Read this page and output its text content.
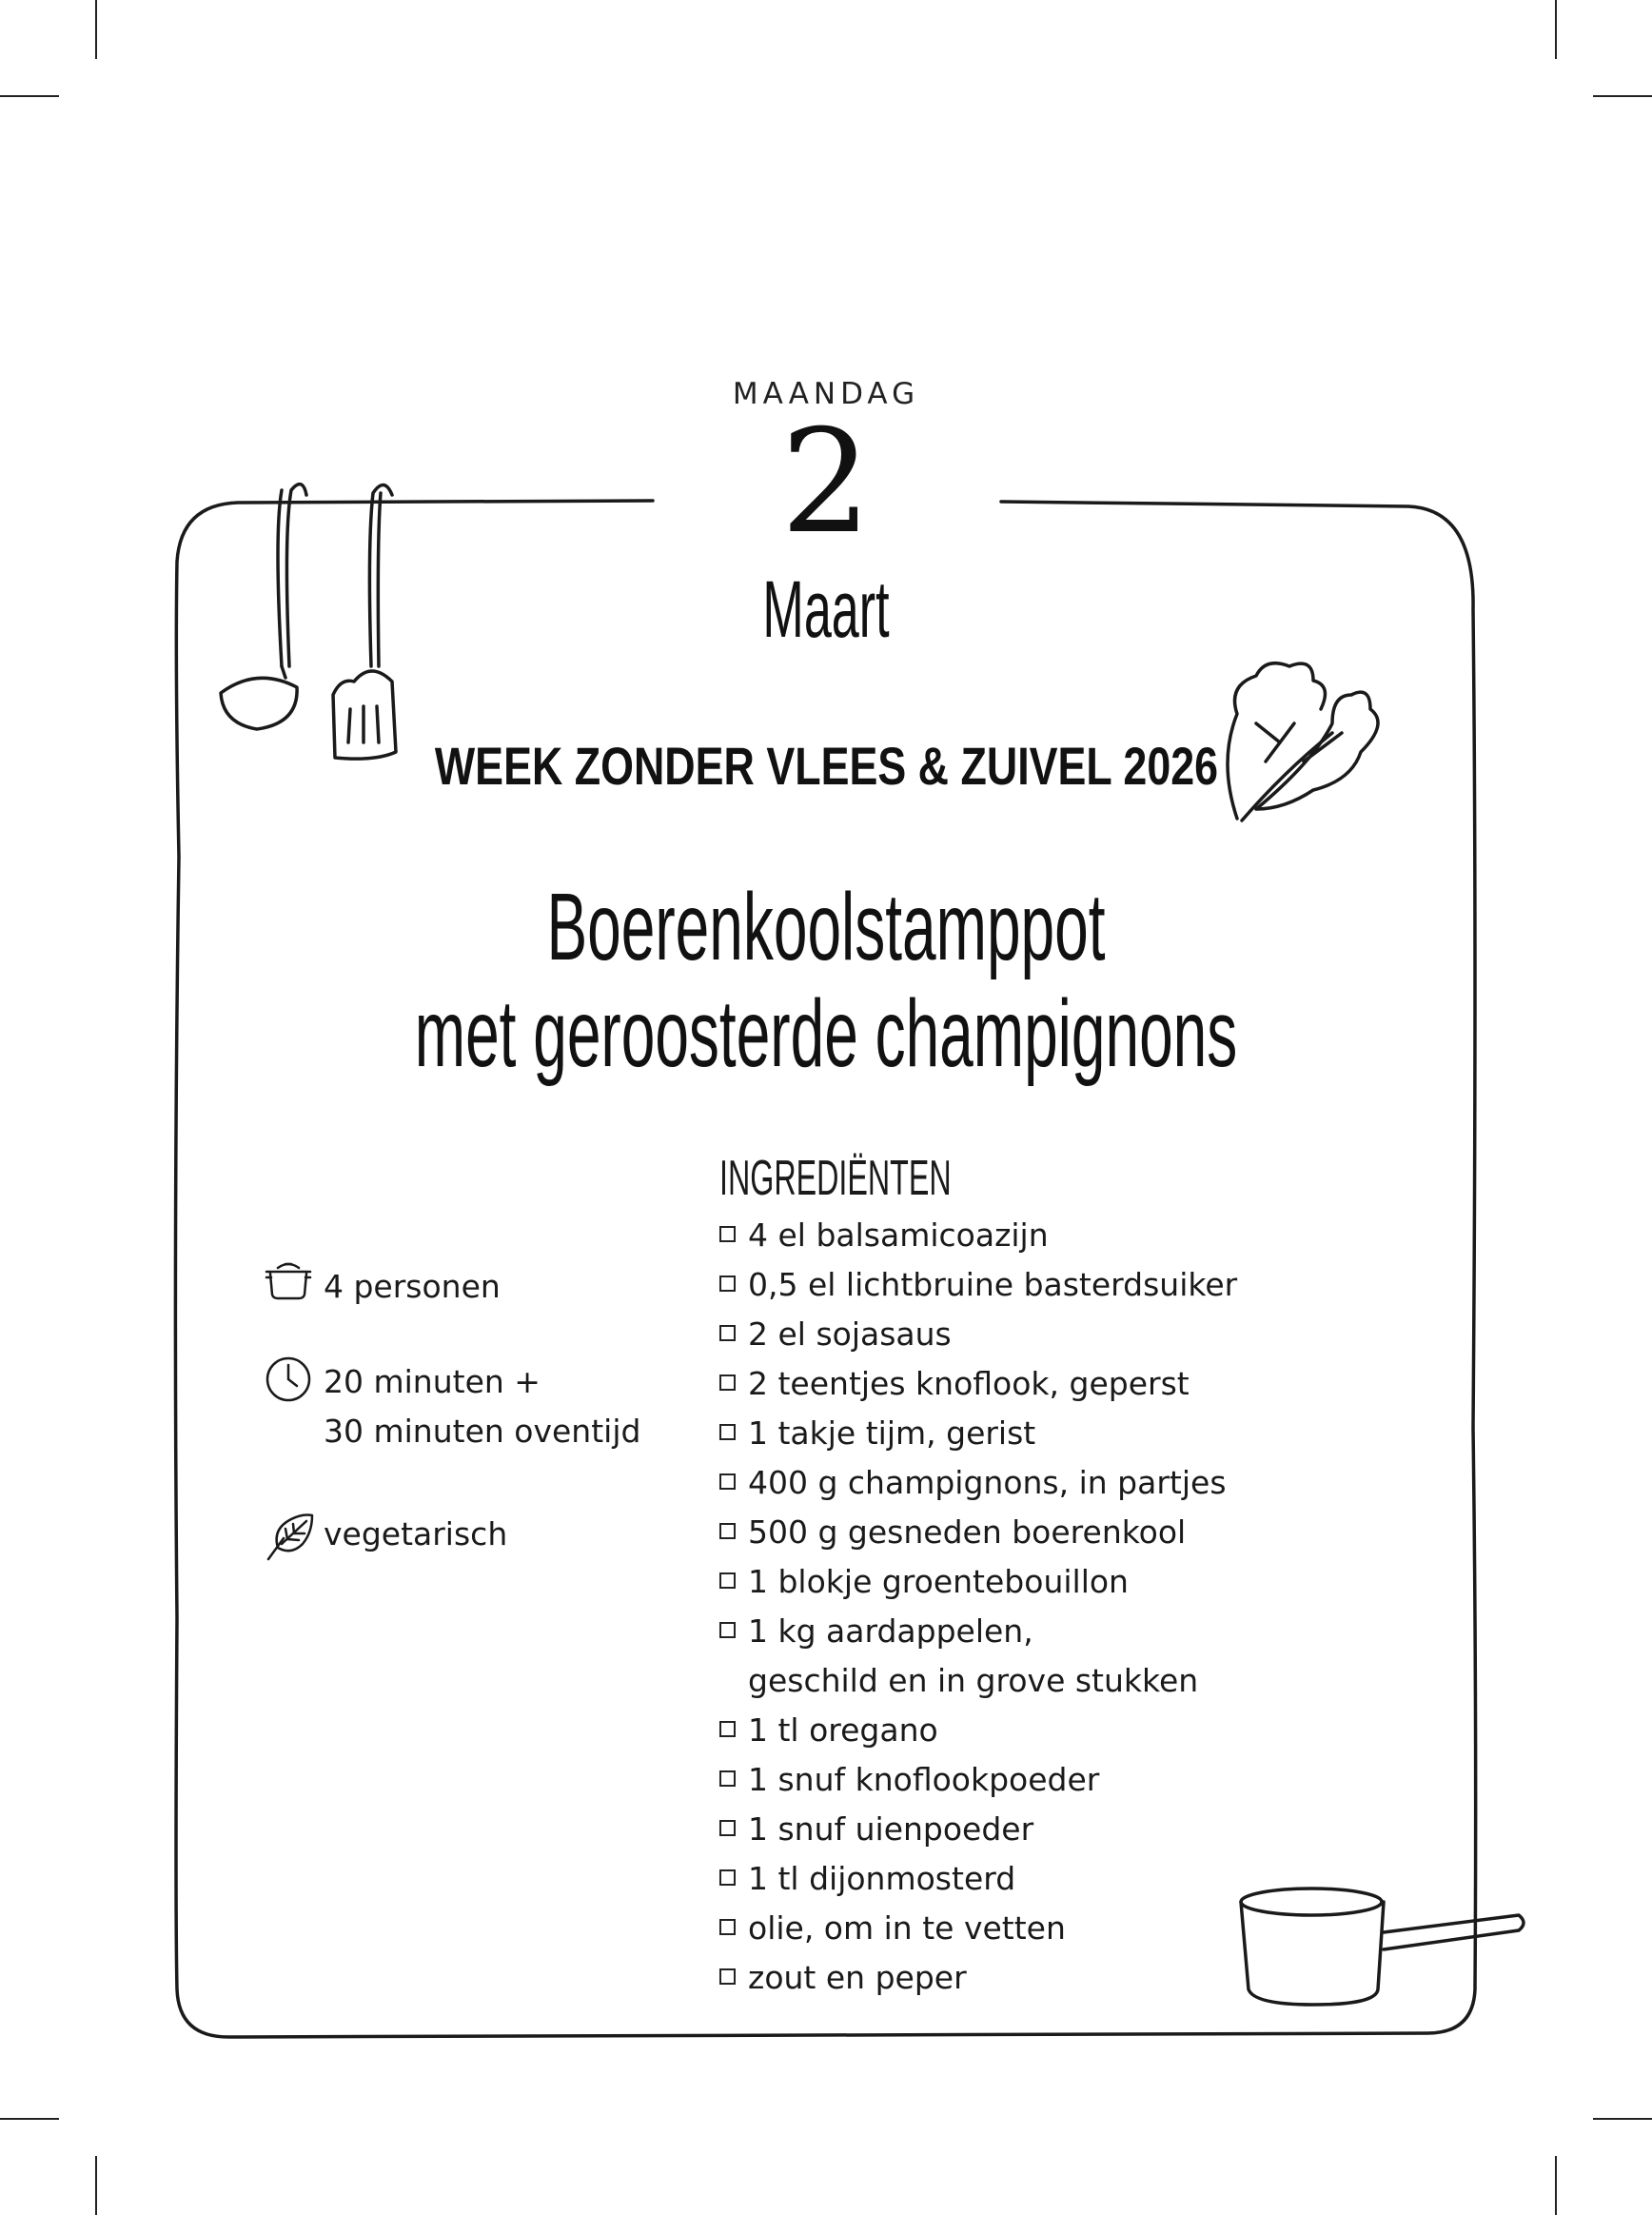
MAANDAG
2
Maart
WEEK ZONDER VLEES & ZUIVEL 2026
Boerenkoolstamppot
met geroosterde champignons
4 personen
20 minuten +
30 minuten oventijd
vegetarisch
INGREDIËNTEN
4 el balsamicoazijn
0,5 el lichtbruine basterdsuiker
2 el sojasaus
2 teentjes knoflook, geperst
1 takje tijm, gerist
400 g champignons, in partjes
500 g gesneden boerenkool
1 blokje groentebouillon
1 kg aardappelen,
geschild en in grove stukken
1 tl oregano
1 snuf knoflookpoeder
1 snuf uienpoeder
1 tl dijonmosterd
olie, om in te vetten
zout en peper
